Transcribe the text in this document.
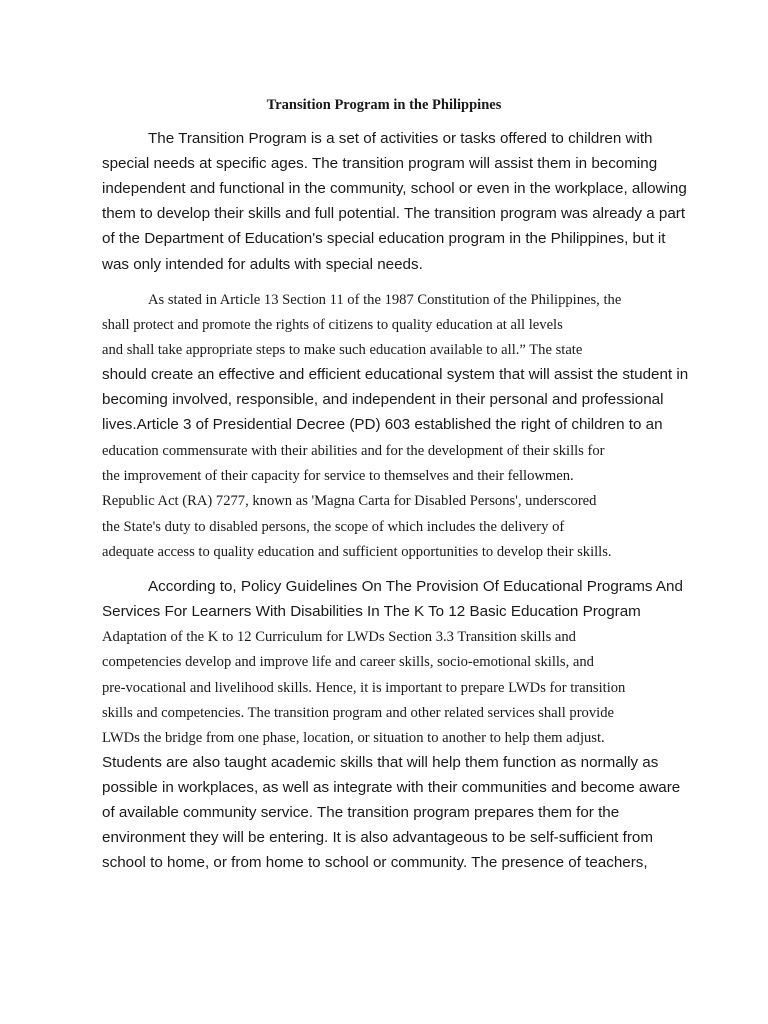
Transition Program in the Philippines

The Transition Program is a set of activities or tasks offered to children with

special needs at specific ages. The transition program will assist them in becoming

independent and functional in the community, school or even in the workplace, allowing

them to develop their skills and full potential. The transition program was already a part

of the Department of Education's special education program in the Philippines, but it

was only intended for adults with special needs.

As stated in Article 13 Section 11 of the 1987 Constitution of the Philippines, the

shall protect and promote the rights of citizens to quality education at all levels

and shall take appropriate steps to make such education available to all.” The state

should create an effective and efficient educational system that will assist the student in

becoming involved, responsible, and independent in their personal and professional

lives.Article 3 of Presidential Decree (PD) 603 established the right of children to an

education commensurate with their abilities and for the development of their skills for

the improvement of their capacity for service to themselves and their fellowmen.

Republic Act (RA) 7277, known as 'Magna Carta for Disabled Persons', underscored

the State's duty to disabled persons, the scope of which includes the delivery of

adequate access to quality education and sufficient opportunities to develop their skills.

According to, Policy Guidelines On The Provision Of Educational Programs And

Services For Learners With Disabilities In The K To 12 Basic Education Program

Adaptation of the K to 12 Curriculum for LWDs Section 3.3 Transition skills and

competencies develop and improve life and career skills, socio-emotional skills, and

pre-vocational and livelihood skills. Hence, it is important to prepare LWDs for transition

skills and competencies. The transition program and other related services shall provide

LWDs the bridge from one phase, location, or situation to another to help them adjust.

Students are also taught academic skills that will help them function as normally as

possible in workplaces, as well as integrate with their communities and become aware

of available community service. The transition program prepares them for the

environment they will be entering. It is also advantageous to be self-sufficient from

school to home, or from home to school or community. The presence of teachers,
